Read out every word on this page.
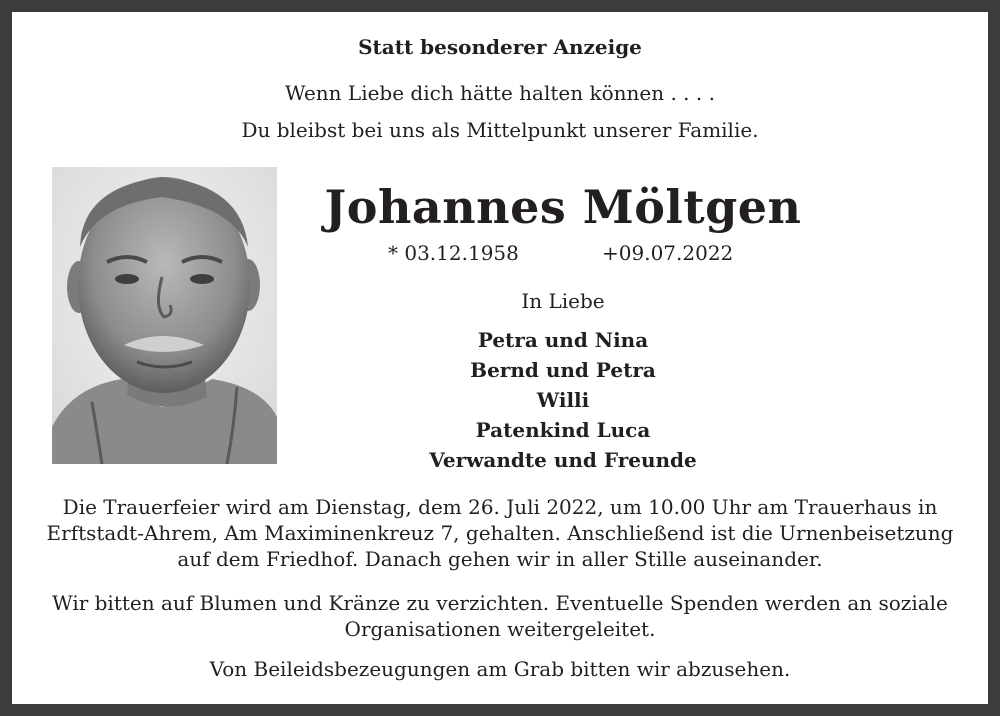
Statt besonderer Anzeige
Wenn Liebe dich hätte halten können . . . .
Du bleibst bei uns als Mittelpunkt unserer Familie.
Johannes Möltgen
* 03.12.1958	+09.07.2022
In Liebe
Petra und Nina
Bernd und Petra
Willi
Patenkind Luca
Verwandte und Freunde
Die Trauerfeier wird am Dienstag, dem 26. Juli 2022, um 10.00 Uhr am Trauerhaus in Erftstadt-Ahrem, Am Maximinenkreuz 7, gehalten. Anschließend ist die Urnenbeisetzung auf dem Friedhof. Danach gehen wir in aller Stille auseinander.
Wir bitten auf Blumen und Kränze zu verzichten. Eventuelle Spenden werden an soziale Organisationen weitergeleitet.
Von Beileidsbezeugungen am Grab bitten wir abzusehen.
